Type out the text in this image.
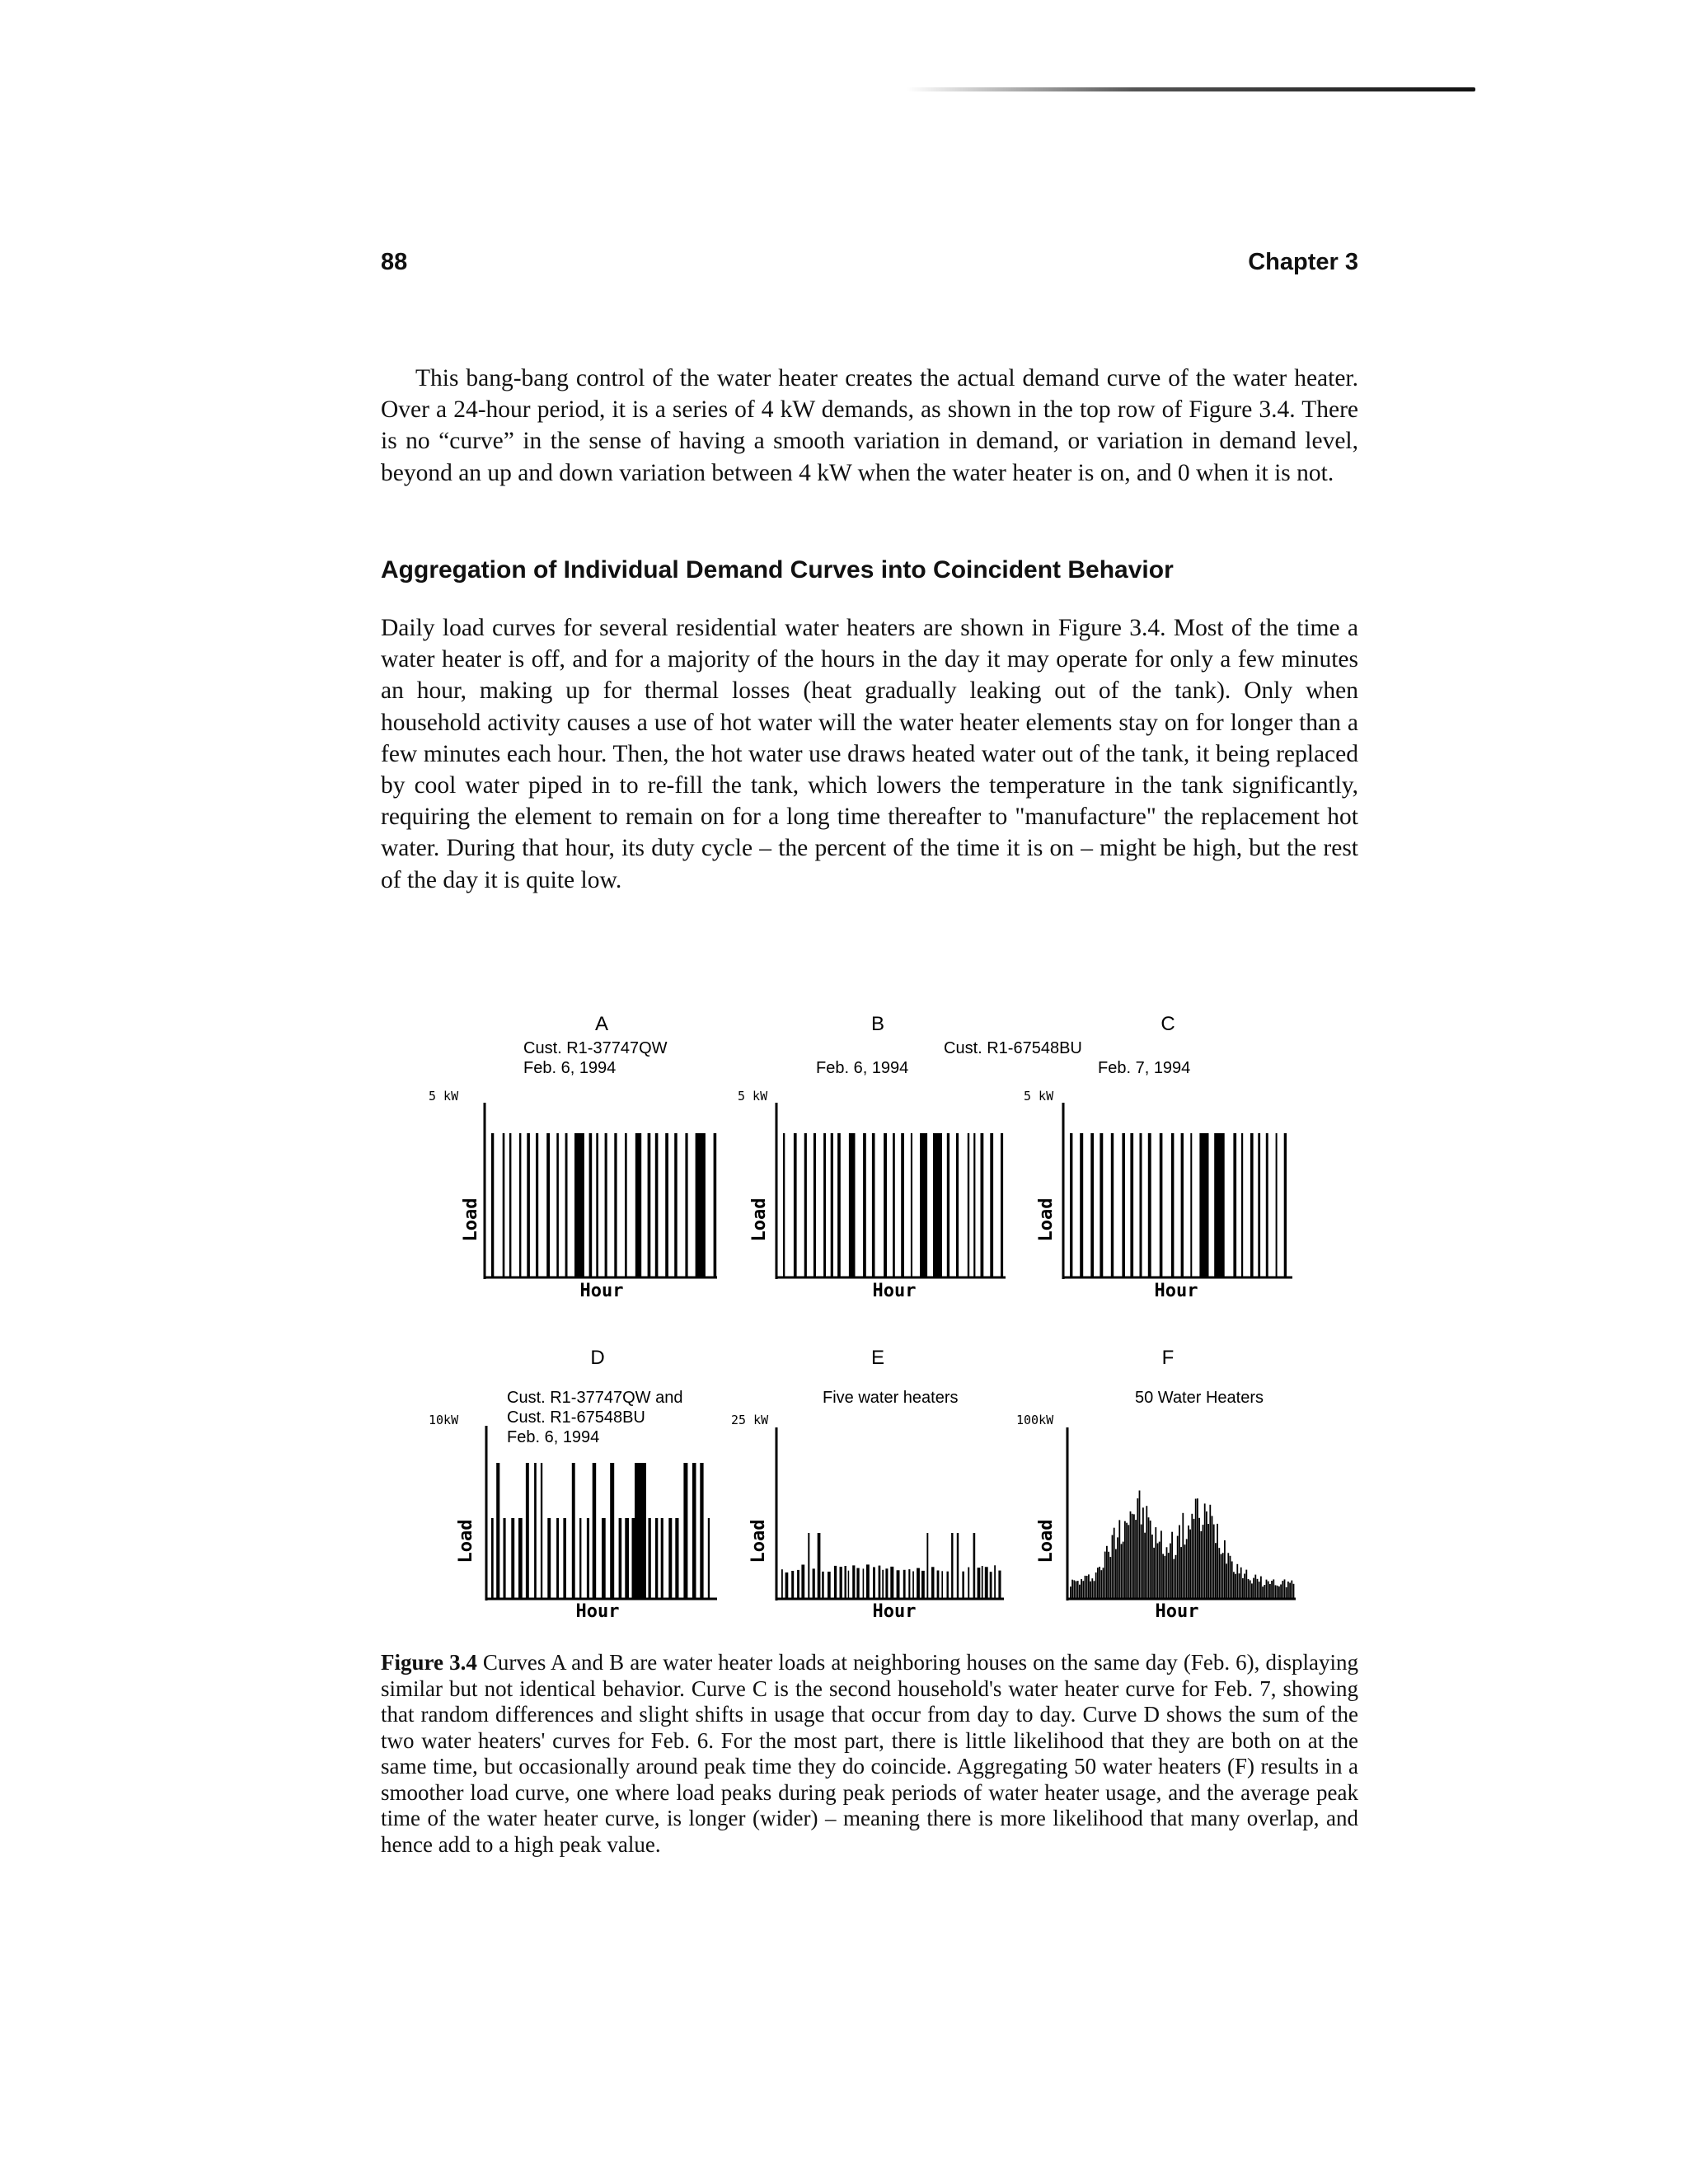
88	Chapter 3

This bang-bang control of the water heater creates the actual demand curve of the water heater. Over a 24-hour period, it is a series of 4 kW demands, as shown in the top row of Figure 3.4. There is no “curve” in the sense of having a smooth variation in demand, or variation in demand level, beyond an up and down variation between 4 kW when the water heater is on, and 0 when it is not.

Aggregation of Individual Demand Curves into Coincident Behavior

Daily load curves for several residential water heaters are shown in Figure 3.4. Most of the time a water heater is off, and for a majority of the hours in the day it may operate for only a few minutes an hour, making up for thermal losses (heat gradually leaking out of the tank). Only when household activity causes a use of hot water will the water heater elements stay on for longer than a few minutes each hour. Then, the hot water use draws heated water out of the tank, it being replaced by cool water piped in to re-fill the tank, which lowers the temperature in the tank significantly, requiring the element to remain on for a long time thereafter to "manufacture" the replacement hot water. During that hour, its duty cycle – the percent of the time it is on – might be high, but the rest of the day it is quite low.

A
Cust. R1-37747QW
Feb. 6, 1994
5 kW
Load
Hour
B
Cust. R1-67548BU
Feb. 6, 1994
5 kW
Load
Hour
C
Feb. 7, 1994
5 kW
Load
Hour
D
Cust. R1-37747QW and
Cust. R1-67548BU
Feb. 6, 1994
10kW
Load
Hour
E
Five water heaters
25 kW
Load
Hour
F
50 Water Heaters
100kW
Load
Hour

Figure 3.4 Curves A and B are water heater loads at neighboring houses on the same day (Feb. 6), displaying similar but not identical behavior. Curve C is the second household's water heater curve for Feb. 7, showing that random differences and slight shifts in usage that occur from day to day. Curve D shows the sum of the two water heaters' curves for Feb. 6. For the most part, there is little likelihood that they are both on at the same time, but occasionally around peak time they do coincide. Aggregating 50 water heaters (F) results in a smoother load curve, one where load peaks during peak periods of water heater usage, and the average peak time of the water heater curve, is longer (wider) – meaning there is more likelihood that many overlap, and hence add to a high peak value.
